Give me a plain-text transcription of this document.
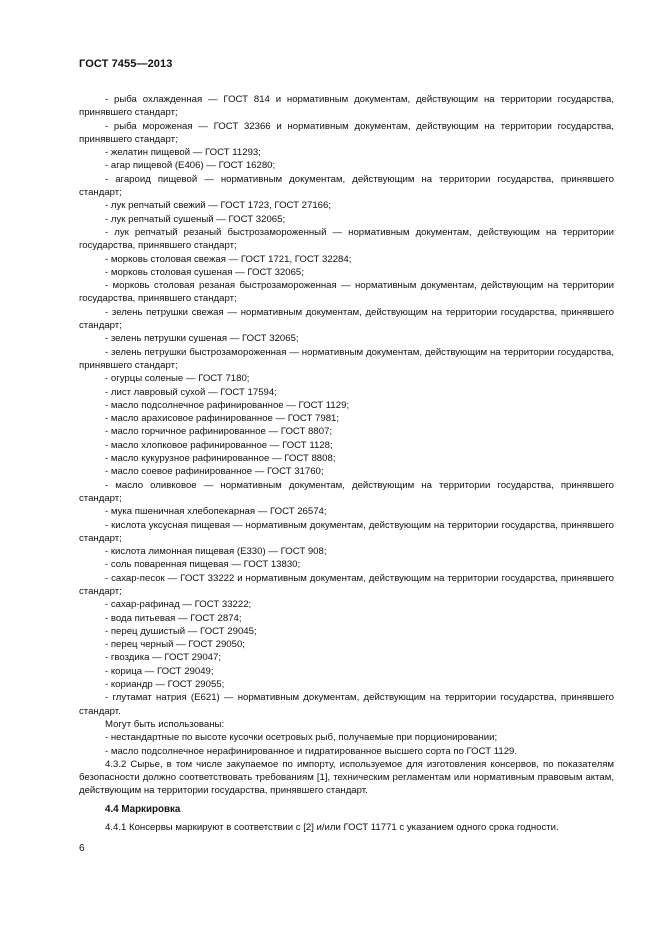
ГОСТ 7455—2013

- рыба охлажденная — ГОСТ 814 и нормативным документам, действующим на территории государства, принявшего стандарт;

- рыба мороженая — ГОСТ 32366 и нормативным документам, действующим на территории государства, принявшего стандарт;

- желатин пищевой — ГОСТ 11293;

- агар пищевой (Е406) — ГОСТ 16280;

- агароид пищевой — нормативным документам, действующим на территории государства, принявшего стандарт;

- лук репчатый свежий — ГОСТ 1723, ГОСТ 27166;

- лук репчатый сушеный — ГОСТ 32065;

- лук репчатый резаный быстрозамороженный — нормативным документам, действующим на территории государства, принявшего стандарт;

- морковь столовая свежая — ГОСТ 1721, ГОСТ 32284;

- морковь столовая сушеная — ГОСТ 32065;

- морковь столовая резаная быстрозамороженная — нормативным документам, действующим на территории государства, принявшего стандарт;

- зелень петрушки свежая — нормативным документам, действующим на территории государства, принявшего стандарт;

- зелень петрушки сушеная — ГОСТ 32065;

- зелень петрушки быстрозамороженная — нормативным документам, действующим на территории государства, принявшего стандарт;

- огурцы соленые — ГОСТ 7180;

- лист лавровый сухой — ГОСТ 17594;

- масло подсолнечное рафинированное — ГОСТ 1129;

- масло арахисовое рафинированное — ГОСТ 7981;

- масло горчичное рафинированное — ГОСТ 8807;

- масло хлопковое рафинированное — ГОСТ 1128;

- масло кукурузное рафинированное — ГОСТ 8808;

- масло соевое рафинированное — ГОСТ 31760;

- масло оливковое — нормативным документам, действующим на территории государства, принявшего стандарт;

- мука пшеничная хлебопекарная — ГОСТ 26574;

- кислота уксусная пищевая — нормативным документам, действующим на территории государства, принявшего стандарт;

- кислота лимонная пищевая (Е330) — ГОСТ 908;

- соль поваренная пищевая — ГОСТ 13830;

- сахар-песок — ГОСТ 33222 и нормативным документам, действующим на территории государства, принявшего стандарт;

- сахар-рафинад — ГОСТ 33222;

- вода питьевая — ГОСТ 2874;

- перец душистый — ГОСТ 29045;

- перец черный — ГОСТ 29050;

- гвоздика — ГОСТ 29047;

- корица — ГОСТ 29049;

- кориандр — ГОСТ 29055;

- глутамат натрия (Е621) — нормативным документам, действующим на территории государства, принявшего стандарт.

Могут быть использованы:

- нестандартные по высоте кусочки осетровых рыб, получаемые при порционировании;

- масло подсолнечное нерафинированное и гидратированное высшего сорта по ГОСТ 1129.

4.3.2 Сырье, в том числе закупаемое по импорту, используемое для изготовления консервов, по показателям безопасности должно соответствовать требованиям [1], техническим регламентам или нормативным правовым актам, действующим на территории государства, принявшего стандарт.

4.4 Маркировка

4.4.1 Консервы маркируют в соответствии с [2] и/или ГОСТ 11771 с указанием одного срока годности.

6
